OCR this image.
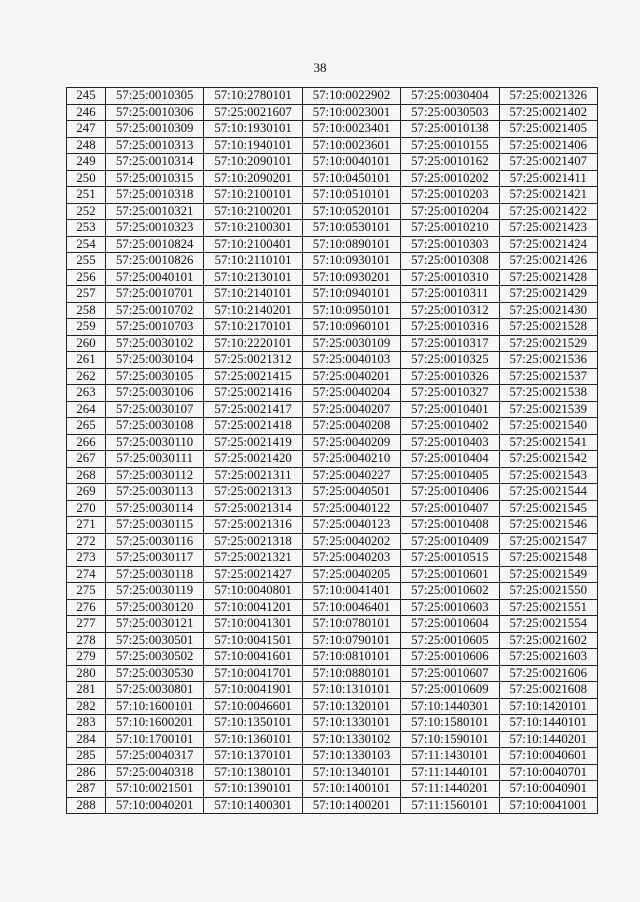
38
245	57:25:0010305	57:10:2780101	57:10:0022902	57:25:0030404	57:25:0021326
246	57:25:0010306	57:25:0021607	57:10:0023001	57:25:0030503	57:25:0021402
247	57:25:0010309	57:10:1930101	57:10:0023401	57:25:0010138	57:25:0021405
248	57:25:0010313	57:10:1940101	57:10:0023601	57:25:0010155	57:25:0021406
249	57:25:0010314	57:10:2090101	57:10:0040101	57:25:0010162	57:25:0021407
250	57:25:0010315	57:10:2090201	57:10:0450101	57:25:0010202	57:25:0021411
251	57:25:0010318	57:10:2100101	57:10:0510101	57:25:0010203	57:25:0021421
252	57:25:0010321	57:10:2100201	57:10:0520101	57:25:0010204	57:25:0021422
253	57:25:0010323	57:10:2100301	57:10:0530101	57:25:0010210	57:25:0021423
254	57:25:0010824	57:10:2100401	57:10:0890101	57:25:0010303	57:25:0021424
255	57:25:0010826	57:10:2110101	57:10:0930101	57:25:0010308	57:25:0021426
256	57:25:0040101	57:10:2130101	57:10:0930201	57:25:0010310	57:25:0021428
257	57:25:0010701	57:10:2140101	57:10:0940101	57:25:0010311	57:25:0021429
258	57:25:0010702	57:10:2140201	57:10:0950101	57:25:0010312	57:25:0021430
259	57:25:0010703	57:10:2170101	57:10:0960101	57:25:0010316	57:25:0021528
260	57:25:0030102	57:10:2220101	57:25:0030109	57:25:0010317	57:25:0021529
261	57:25:0030104	57:25:0021312	57:25:0040103	57:25:0010325	57:25:0021536
262	57:25:0030105	57:25:0021415	57:25:0040201	57:25:0010326	57:25:0021537
263	57:25:0030106	57:25:0021416	57:25:0040204	57:25:0010327	57:25:0021538
264	57:25:0030107	57:25:0021417	57:25:0040207	57:25:0010401	57:25:0021539
265	57:25:0030108	57:25:0021418	57:25:0040208	57:25:0010402	57:25:0021540
266	57:25:0030110	57:25:0021419	57:25:0040209	57:25:0010403	57:25:0021541
267	57:25:0030111	57:25:0021420	57:25:0040210	57:25:0010404	57:25:0021542
268	57:25:0030112	57:25:0021311	57:25:0040227	57:25:0010405	57:25:0021543
269	57:25:0030113	57:25:0021313	57:25:0040501	57:25:0010406	57:25:0021544
270	57:25:0030114	57:25:0021314	57:25:0040122	57:25:0010407	57:25:0021545
271	57:25:0030115	57:25:0021316	57:25:0040123	57:25:0010408	57:25:0021546
272	57:25:0030116	57:25:0021318	57:25:0040202	57:25:0010409	57:25:0021547
273	57:25:0030117	57:25:0021321	57:25:0040203	57:25:0010515	57:25:0021548
274	57:25:0030118	57:25:0021427	57:25:0040205	57:25:0010601	57:25:0021549
275	57:25:0030119	57:10:0040801	57:10:0041401	57:25:0010602	57:25:0021550
276	57:25:0030120	57:10:0041201	57:10:0046401	57:25:0010603	57:25:0021551
277	57:25:0030121	57:10:0041301	57:10:0780101	57:25:0010604	57:25:0021554
278	57:25:0030501	57:10:0041501	57:10:0790101	57:25:0010605	57:25:0021602
279	57:25:0030502	57:10:0041601	57:10:0810101	57:25:0010606	57:25:0021603
280	57:25:0030530	57:10:0041701	57:10:0880101	57:25:0010607	57:25:0021606
281	57:25:0030801	57:10:0041901	57:10:1310101	57:25:0010609	57:25:0021608
282	57:10:1600101	57:10:0046601	57:10:1320101	57:10:1440301	57:10:1420101
283	57:10:1600201	57:10:1350101	57:10:1330101	57:10:1580101	57:10:1440101
284	57:10:1700101	57:10:1360101	57:10:1330102	57:10:1590101	57:10:1440201
285	57:25:0040317	57:10:1370101	57:10:1330103	57:11:1430101	57:10:0040601
286	57:25:0040318	57:10:1380101	57:10:1340101	57:11:1440101	57:10:0040701
287	57:10:0021501	57:10:1390101	57:10:1400101	57:11:1440201	57:10:0040901
288	57:10:0040201	57:10:1400301	57:10:1400201	57:11:1560101	57:10:0041001
